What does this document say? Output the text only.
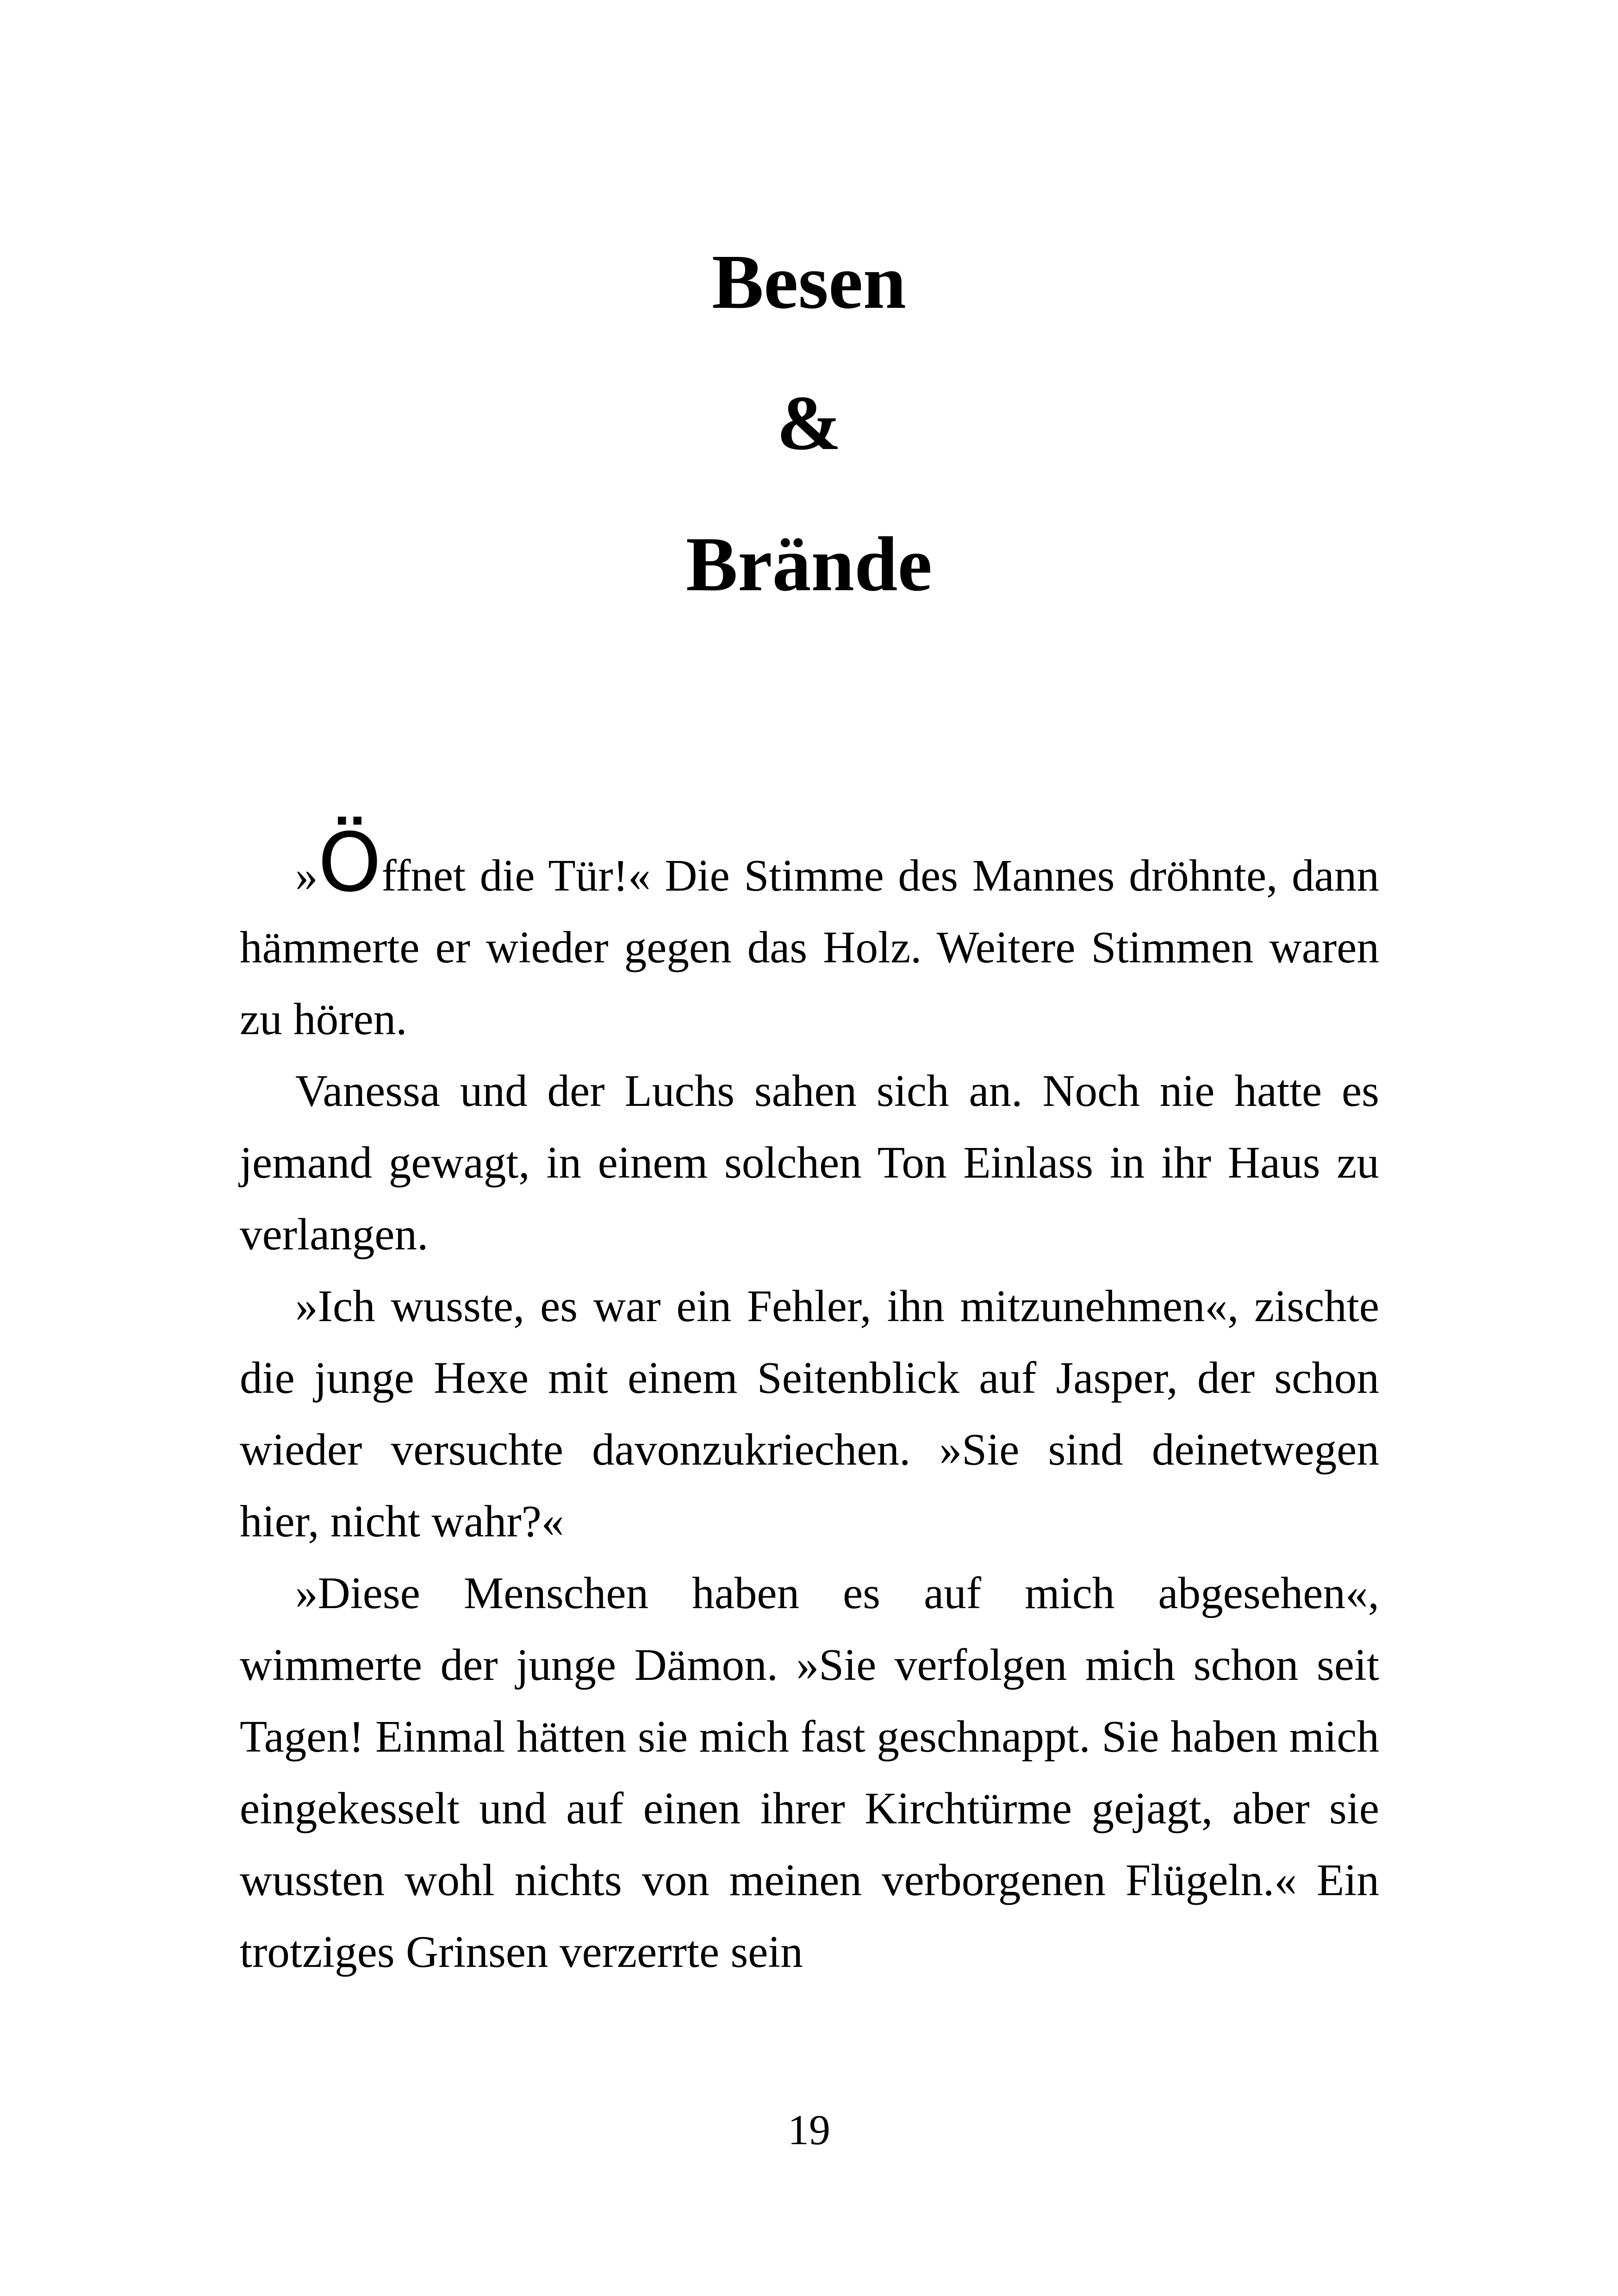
Besen
&
Brände

»Öffnet die Tür!« Die Stimme des Mannes dröhnte, dann hämmerte er wieder gegen das Holz. Weitere Stimmen waren zu hören.

Vanessa und der Luchs sahen sich an. Noch nie hatte es jemand gewagt, in einem solchen Ton Einlass in ihr Haus zu verlangen.

»Ich wusste, es war ein Fehler, ihn mitzunehmen«, zischte die junge Hexe mit einem Seitenblick auf Jasper, der schon wieder versuchte davonzukriechen. »Sie sind deinetwegen hier, nicht wahr?«

»Diese Menschen haben es auf mich abgesehen«, wimmerte der junge Dämon. »Sie verfolgen mich schon seit Tagen! Einmal hätten sie mich fast geschnappt. Sie haben mich eingekesselt und auf einen ihrer Kirchtürme gejagt, aber sie wussten wohl nichts von meinen verborgenen Flügeln.« Ein trotziges Grinsen verzerrte sein

19
